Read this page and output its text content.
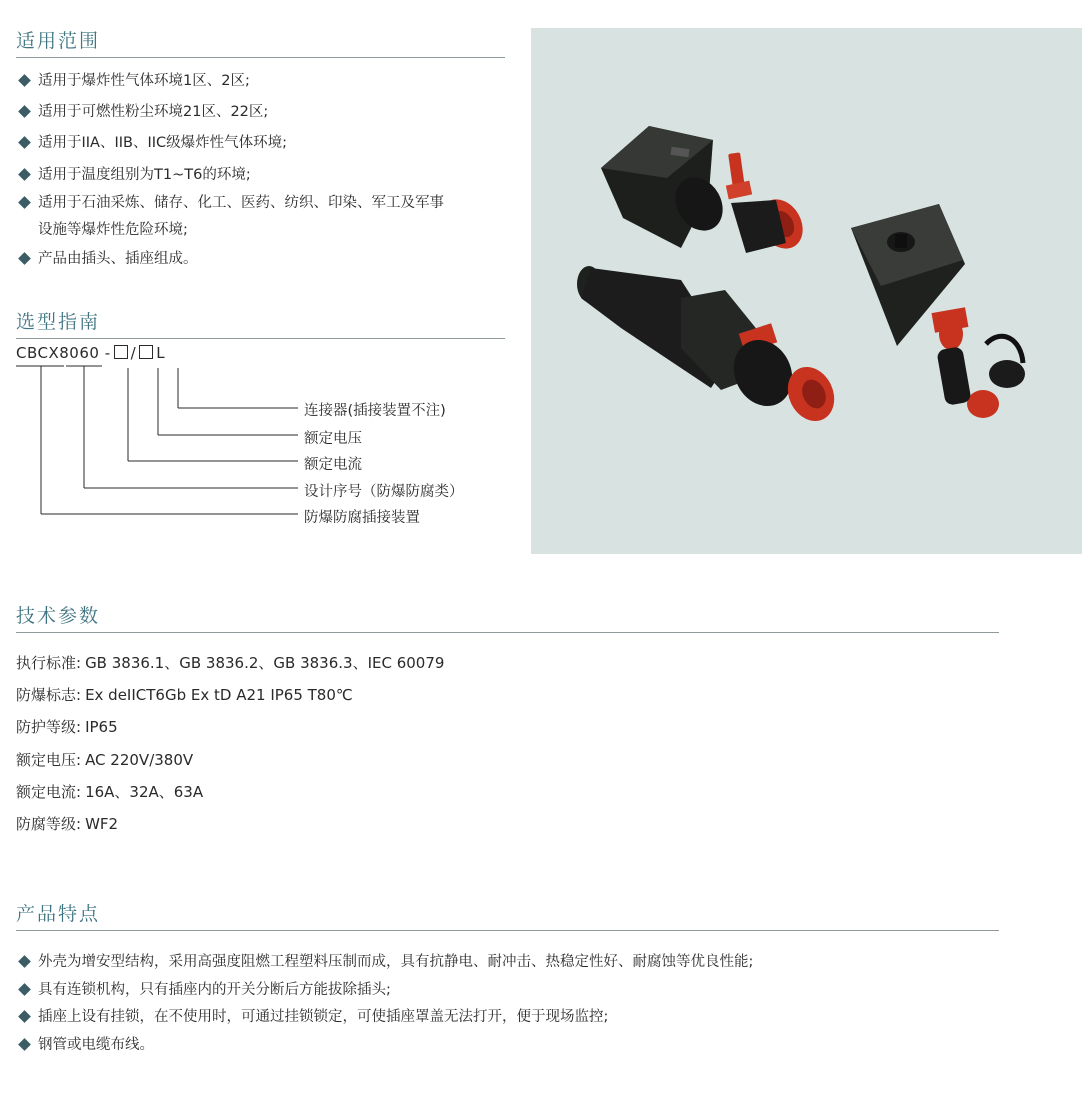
适用范围
适用于爆炸性气体环境1区、2区;
适用于可燃性粉尘环境21区、22区;
适用于IIA、IIB、IIC级爆炸性气体环境;
适用于温度组别为T1~T6的环境;
适用于石油采炼、储存、化工、医药、纺织、印染、军工及军事
设施等爆炸性危险环境;
产品由插头、插座组成。
选型指南
CBCX8060 - / L
连接器(插接装置不注)
额定电压
额定电流
设计序号（防爆防腐类）
防爆防腐插接装置
技术参数
执行标准: GB 3836.1、GB 3836.2、GB 3836.3、IEC 60079
防爆标志: Ex deIICT6Gb Ex tD A21 IP65 T80℃
防护等级: IP65
额定电压: AC 220V/380V
额定电流: 16A、32A、63A
防腐等级: WF2
产品特点
外壳为增安型结构，采用高强度阻燃工程塑料压制而成，具有抗静电、耐冲击、热稳定性好、耐腐蚀等优良性能;
具有连锁机构，只有插座内的开关分断后方能拔除插头;
插座上设有挂锁，在不使用时，可通过挂锁锁定，可使插座罩盖无法打开，便于现场监控;
钢管或电缆布线。
